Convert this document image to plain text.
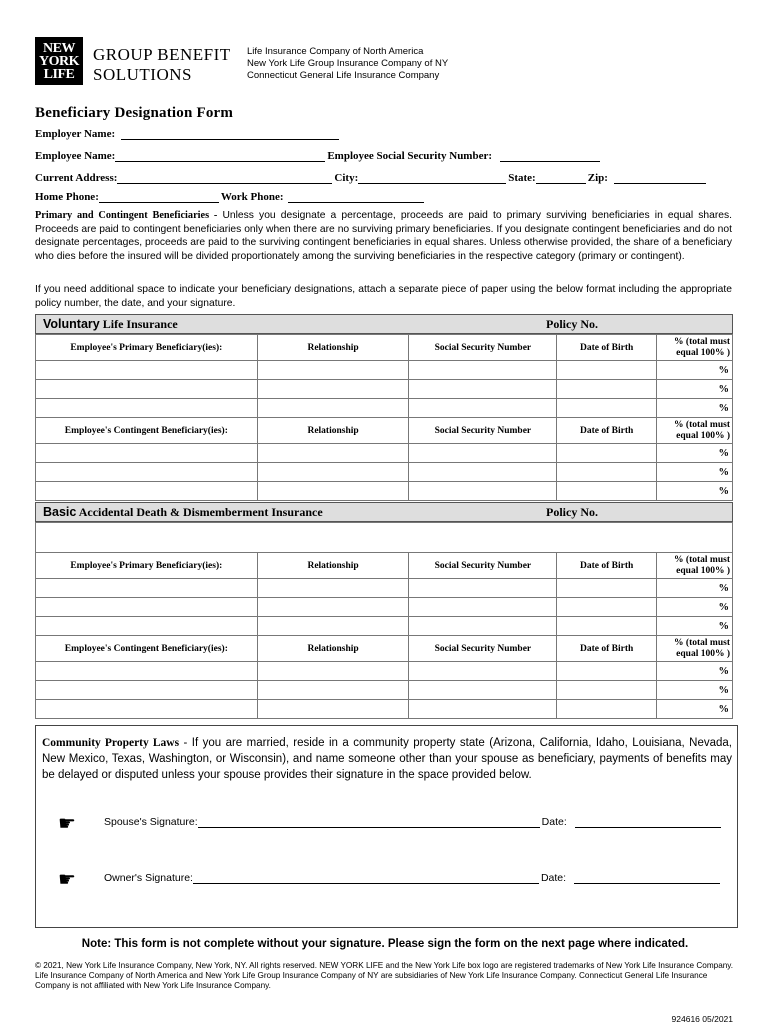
NEW
YORK
LIFE
GROUP BENEFIT
SOLUTIONS
Life Insurance Company of North America
New York Life Group Insurance Company of NY
Connecticut General Life Insurance Company
Beneficiary Designation Form
Employer Name:
Employee Name:	Employee Social Security Number:
Current Address:	City:	State:	Zip:
Home Phone:	Work Phone:
Primary and Contingent Beneficiaries - Unless you designate a percentage, proceeds are paid to primary surviving beneficiaries in equal shares. Proceeds are paid to contingent beneficiaries only when there are no surviving primary beneficiaries. If you designate contingent beneficiaries and do not designate percentages, proceeds are paid to the surviving contingent beneficiaries in equal shares. Unless otherwise provided, the share of a beneficiary who dies before the insured will be divided proportionately among the surviving beneficiaries in the respective category (primary or contingent).
If you need additional space to indicate your beneficiary designations, attach a separate piece of paper using the below format including the appropriate policy number, the date, and your signature.
Voluntary Life Insurance	Policy No.
Employee's Primary Beneficiary(ies):	Relationship	Social Security Number	Date of Birth	% (total must
equal 100% )

				%
				%
				%
Employee's Contingent Beneficiary(ies):	Relationship	Social Security Number	Date of Birth	% (total must
equal 100% )

				%
				%
				%
Basic Accidental Death & Dismemberment Insurance	Policy No.

Employee's Primary Beneficiary(ies):	Relationship	Social Security Number	Date of Birth	% (total must
equal 100% )

				%
				%
				%
Employee's Contingent Beneficiary(ies):	Relationship	Social Security Number	Date of Birth	% (total must
equal 100% )

				%
				%
				%
Community Property Laws - If you are married, reside in a community property state (Arizona, California, Idaho, Louisiana, Nevada, New Mexico, Texas, Washington, or Wisconsin), and name someone other than your spouse as beneficiary, payments of benefits may be delayed or disputed unless your spouse provides their signature in the space provided below.
☛	Spouse's Signature:	Date:
☛	Owner's Signature:	Date:
Note: This form is not complete without your signature. Please sign the form on the next page where indicated.
© 2021, New York Life Insurance Company, New York, NY. All rights reserved. NEW YORK LIFE and the New York Life box logo are registered trademarks of New York Life Insurance Company. Life Insurance Company of North America and New York Life Group Insurance Company of NY are subsidiaries of New York Life Insurance Company. Connecticut General Life Insurance Company is not affiliated with New York Life Insurance Company.
924616 05/2021
